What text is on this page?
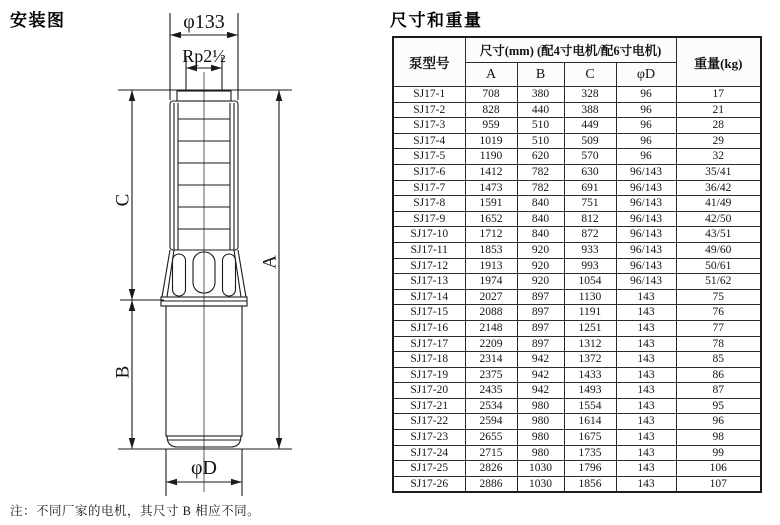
安装图	φ133
Rp2½
C
B
A
φD
注：不同厂家的电机，其尺寸 B 相应不同。
尺寸和重量
泵型号	尺寸(mm) (配4寸电机/配6寸电机)				重量(kg)
	A	B	C	φD	
SJ17-1	708	380	328	96	17
SJ17-2	828	440	388	96	21
SJ17-3	959	510	449	96	28
SJ17-4	1019	510	509	96	29
SJ17-5	1190	620	570	96	32
SJ17-6	1412	782	630	96/143	35/41
SJ17-7	1473	782	691	96/143	36/42
SJ17-8	1591	840	751	96/143	41/49
SJ17-9	1652	840	812	96/143	42/50
SJ17-10	1712	840	872	96/143	43/51
SJ17-11	1853	920	933	96/143	49/60
SJ17-12	1913	920	993	96/143	50/61
SJ17-13	1974	920	1054	96/143	51/62
SJ17-14	2027	897	1130	143	75
SJ17-15	2088	897	1191	143	76
SJ17-16	2148	897	1251	143	77
SJ17-17	2209	897	1312	143	78
SJ17-18	2314	942	1372	143	85
SJ17-19	2375	942	1433	143	86
SJ17-20	2435	942	1493	143	87
SJ17-21	2534	980	1554	143	95
SJ17-22	2594	980	1614	143	96
SJ17-23	2655	980	1675	143	98
SJ17-24	2715	980	1735	143	99
SJ17-25	2826	1030	1796	143	106
SJ17-26	2886	1030	1856	143	107
